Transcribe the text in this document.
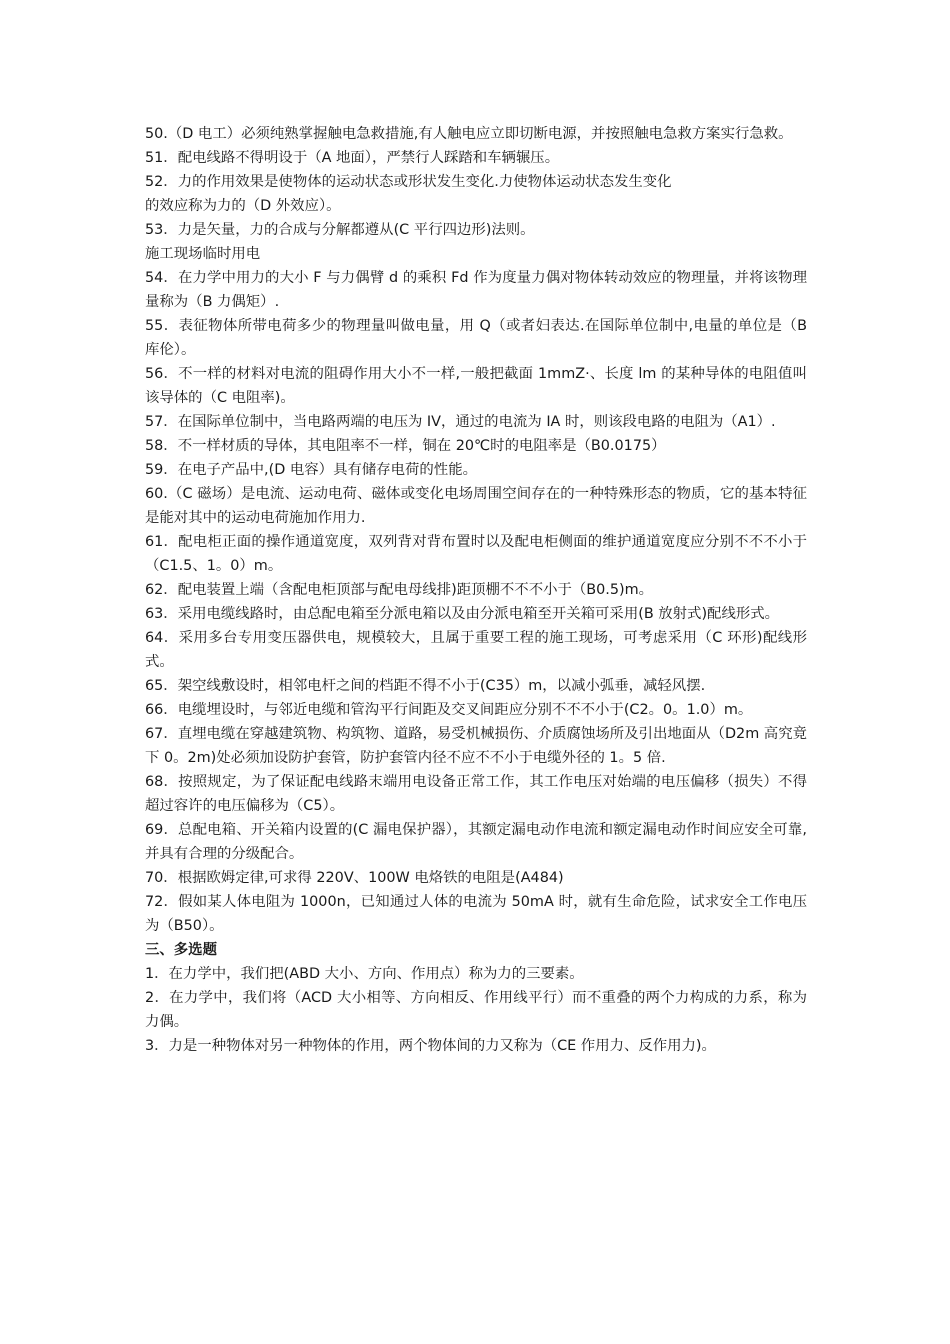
50.（D 电工）必须纯熟掌握触电急救措施,有人触电应立即切断电源，并按照触电急救方案实行急救。

51．配电线路不得明设于（A 地面），严禁行人踩踏和车辆辗压。

52．力的作用效果是使物体的运动状态或形状发生变化.力使物体运动状态发生变化

的效应称为力的（D 外效应）。

53．力是矢量，力的合成与分解都遵从(C 平行四边形)法则。

施工现场临时用电

54．在力学中用力的大小 F 与力偶臂 d 的乘积 Fd 作为度量力偶对物体转动效应的物理量，并将该物理量称为（B 力偶矩）.

55．表征物体所带电荷多少的物理量叫做电量，用 Q（或者妇表达.在国际单位制中,电量的单位是（B 库伦）。

56．不一样的材料对电流的阻碍作用大小不一样,一般把截面 1mmZ·、长度 lm 的某种导体的电阻值叫该导体的（C 电阻率)。

57．在国际单位制中，当电路两端的电压为 IV，通过的电流为 IA 时，则该段电路的电阻为（A1）.

58．不一样材质的导体，其电阻率不一样，铜在 20℃时的电阻率是（B0.0175）

59．在电子产品中,(D 电容）具有储存电荷的性能。

60.（C 磁场）是电流、运动电荷、磁体或变化电场周围空间存在的一种特殊形态的物质，它的基本特征是能对其中的运动电荷施加作用力.

61．配电柜正面的操作通道宽度，双列背对背布置时以及配电柜侧面的维护通道宽度应分别不不不小于（C1.5、1。0）m。

62．配电装置上端（含配电柜顶部与配电母线排)距顶棚不不不小于（B0.5)m。

63．采用电缆线路时，由总配电箱至分派电箱以及由分派电箱至开关箱可采用(B 放射式)配线形式。

64．采用多台专用变压器供电，规模较大，且属于重要工程的施工现场，可考虑采用（C 环形)配线形式。

65．架空线敷设时，相邻电杆之间的档距不得不小于(C35）m，以减小弧垂，减轻风摆.

66．电缆埋设时，与邻近电缆和管沟平行间距及交叉间距应分别不不不小于(C2。0。1.0）m。

67．直埋电缆在穿越建筑物、构筑物、道路，易受机械损伤、介质腐蚀场所及引出地面从（D2m 高究竟下 0。2m)处必须加设防护套管，防护套管内径不应不不小于电缆外径的 1。5 倍.

68．按照规定，为了保证配电线路末端用电设备正常工作，其工作电压对始端的电压偏移（损失）不得超过容许的电压偏移为（C5）。

69．总配电箱、开关箱内设置的(C 漏电保护器），其额定漏电动作电流和额定漏电动作时间应安全可靠,并具有合理的分级配合。

70．根据欧姆定律,可求得 220V、100W 电烙铁的电阻是(A484)

72．假如某人体电阻为 1000n，已知通过人体的电流为 50mA 时，就有生命危险，试求安全工作电压为（B50）。

三、多选题

1．在力学中，我们把(ABD 大小、方向、作用点）称为力的三要素。

2．在力学中，我们将（ACD 大小相等、方向相反、作用线平行）而不重叠的两个力构成的力系，称为力偶。

3．力是一种物体对另一种物体的作用，两个物体间的力又称为（CE 作用力、反作用力)。
